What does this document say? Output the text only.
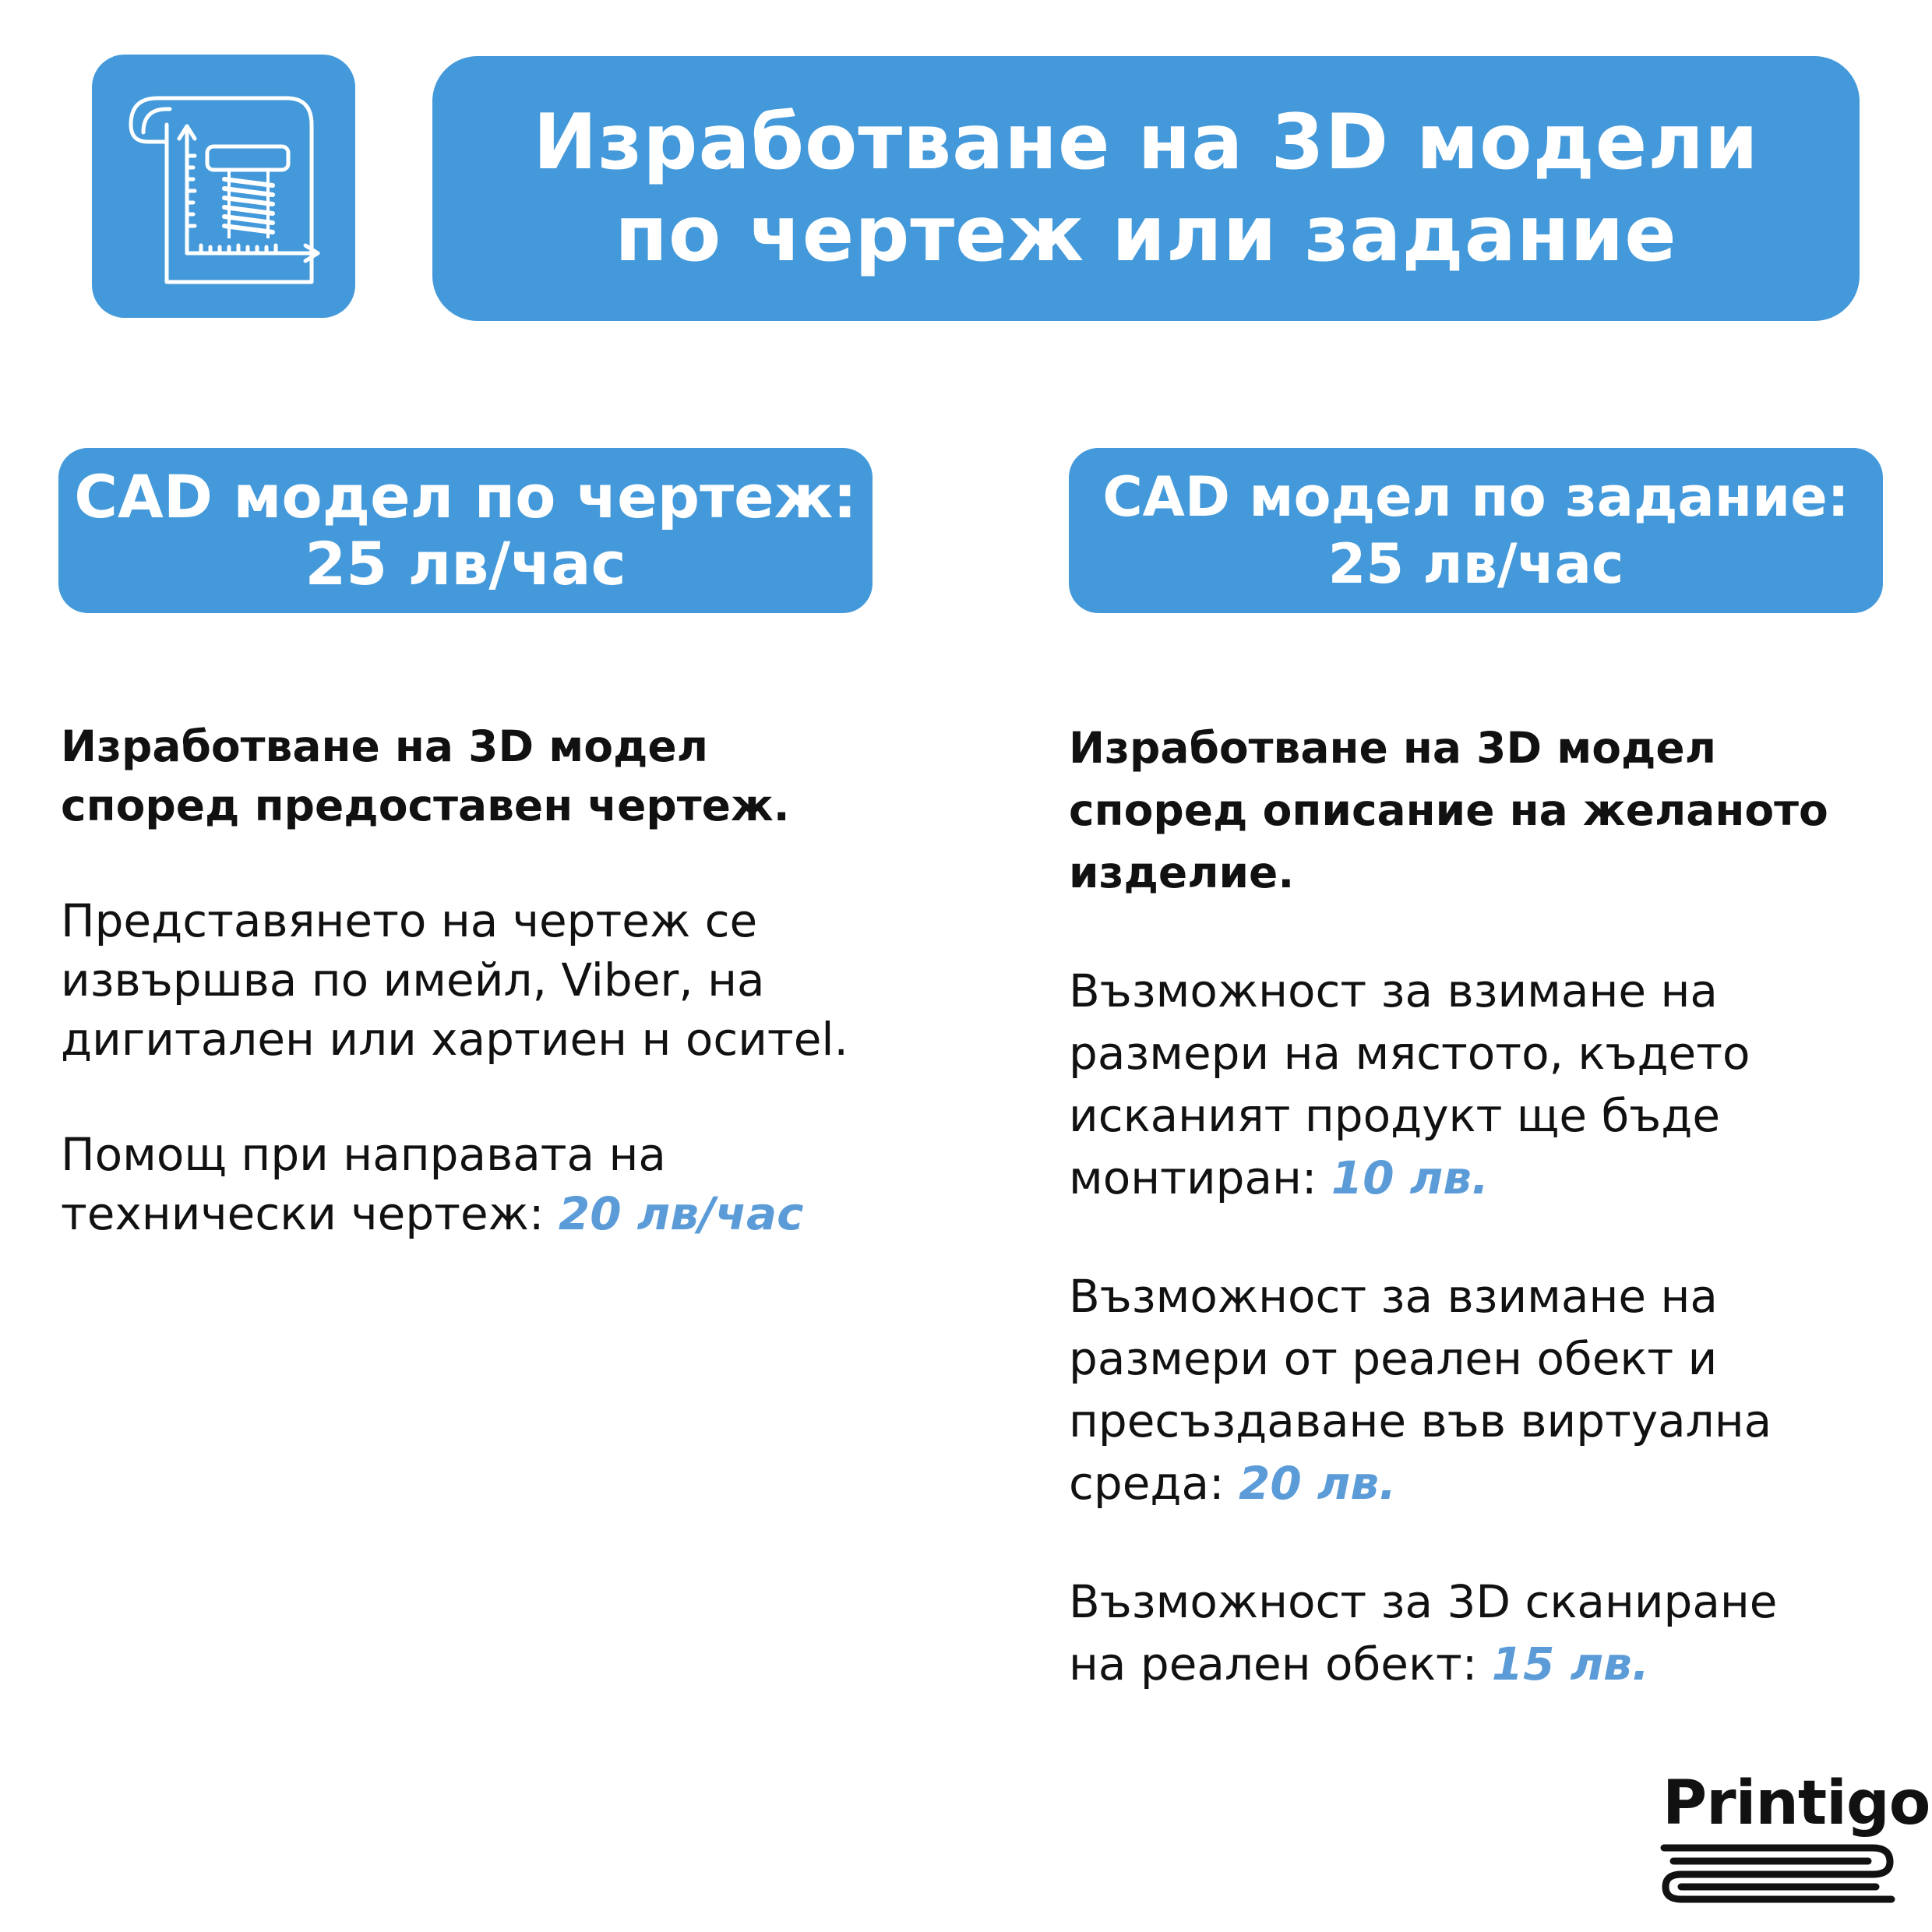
Изработване на 3D модели
по чертеж или задание
CAD модел по чертеж:
25 лв/час
CAD модел по задание:
25 лв/час
Изработване на 3D модел
според предоставен чертеж.
Представянето на чертеж се
извършва по имейл, Viber, на
дигитален или хартиен н оситеl.
Помощ при направата на
технически чертеж: 20 лв/час
Изработване на 3D модел
според описание на желаното
изделие.
Възможност за взимане на
размери на мястото, където
исканият продукт ще бъде
монтиран: 10 лв.
Възможност за взимане на
размери от реален обект и
пресъздаване във виртуална
среда: 20 лв.
Възможност за 3D сканиране
на реален обект: 15 лв.
Printigo
